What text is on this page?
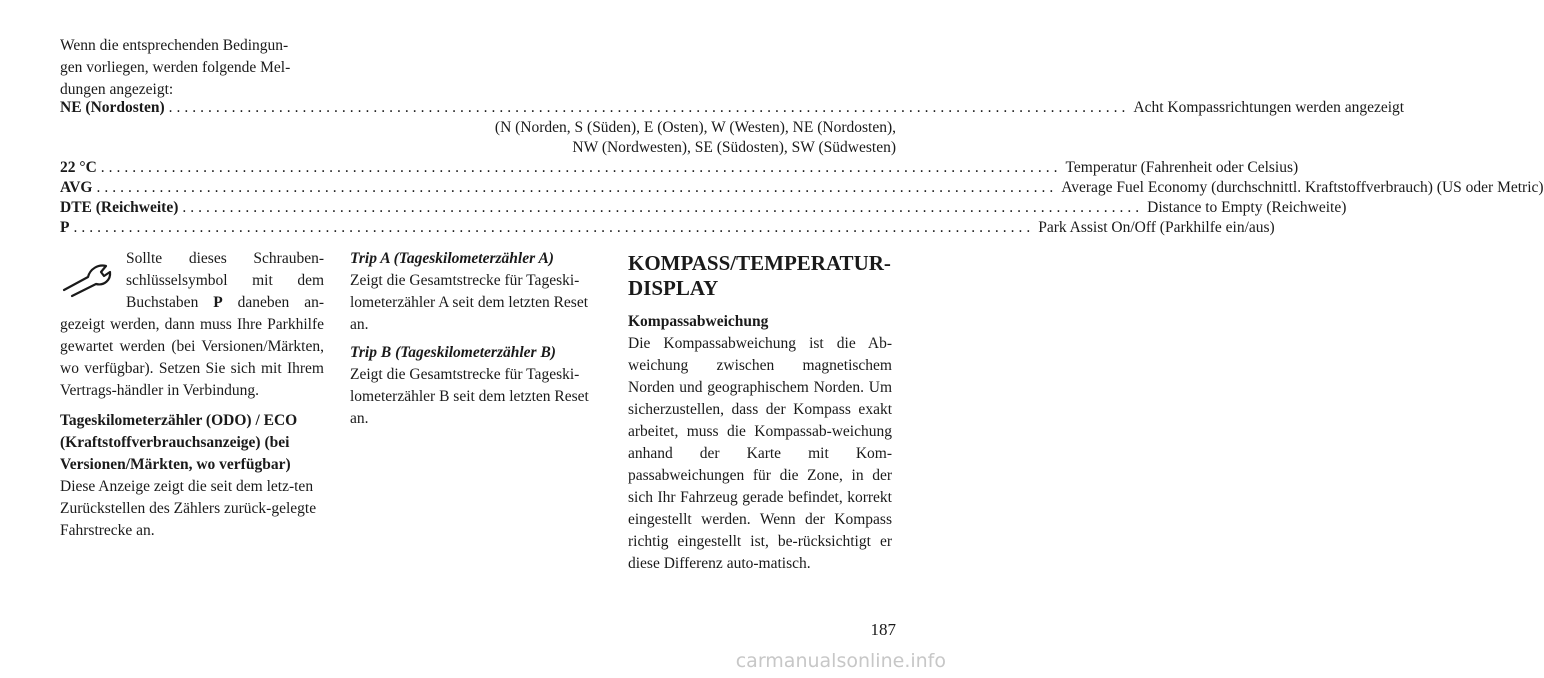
Wenn die entsprechenden Bedingun-
gen vorliegen, werden folgende Mel-
dungen angezeigt:
NE (Nordosten) .......................................................................................................................... Acht Kompassrichtungen werden angezeigt
(N (Norden, S (Süden), E (Osten), W (Westen), NE (Nordosten),
NW (Nordwesten), SE (Südosten), SW (Südwesten)
22 °C .......................................................................................................................... Temperatur (Fahrenheit oder Celsius)
AVG .......................................................................................................................... Average Fuel Economy (durchschnittl. Kraftstoffverbrauch) (US oder Metric)
DTE (Reichweite) .......................................................................................................................... Distance to Empty (Reichweite)
P .......................................................................................................................... Park Assist On/Off (Parkhilfe ein/aus)
Sollte dieses Schrauben-schlüsselsymbol mit dem Buchstaben P daneben an-gezeigt werden, dann muss Ihre Parkhilfe gewartet werden (bei Versionen/Märkten, wo verfügbar). Setzen Sie sich mit Ihrem Vertrags-händler in Verbindung.
Tageskilometerzähler (ODO) / ECO (Kraftstoffverbrauchsanzeige) (bei Versionen/Märkten, wo verfügbar)
Diese Anzeige zeigt die seit dem letz-ten Zurückstellen des Zählers zurück-gelegte Fahrstrecke an.
Trip A (Tageskilometerzähler A)
Zeigt die Gesamtstrecke für Tageski-lometerzähler A seit dem letzten Reset an.
Trip B (Tageskilometerzähler B)
Zeigt die Gesamtstrecke für Tageski-lometerzähler B seit dem letzten Reset an.
KOMPASS/TEMPERATUR-DISPLAY
Kompassabweichung
Die Kompassabweichung ist die Ab-weichung zwischen magnetischem Norden und geographischem Norden. Um sicherzustellen, dass der Kompass exakt arbeitet, muss die Kompassab-weichung anhand der Karte mit Kom-passabweichungen für die Zone, in der sich Ihr Fahrzeug gerade befindet, korrekt eingestellt werden. Wenn der Kompass richtig eingestellt ist, be-rücksichtigt er diese Differenz auto-matisch.
187
carmanualsonline.info
